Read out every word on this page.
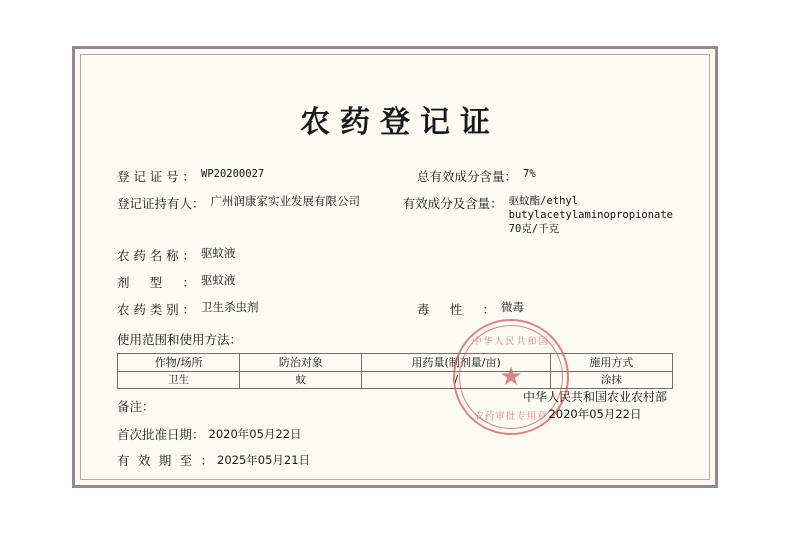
农药登记证
登记证号： WP20200027	总有效成分含量： 7%
登记证持有人： 广州润康家实业发展有限公司	有效成分及含量： 驱蚊酯/ethyl butylacetylaminopropionate 70克/千克
农药名称： 驱蚊液
剂型： 驱蚊液
农药类别： 卫生杀虫剂	毒性： 微毒
使用范围和使用方法：
作物/场所	防治对象	用药量(制剂量/亩)	施用方式
卫生	蚊	/	涂抹
备注：
首次批准日期： 2020年05月22日
有效期至： 2025年05月21日
中华人民共和国
★
农药审批专用章
中华人民共和国农业农村部
2020年05月22日
